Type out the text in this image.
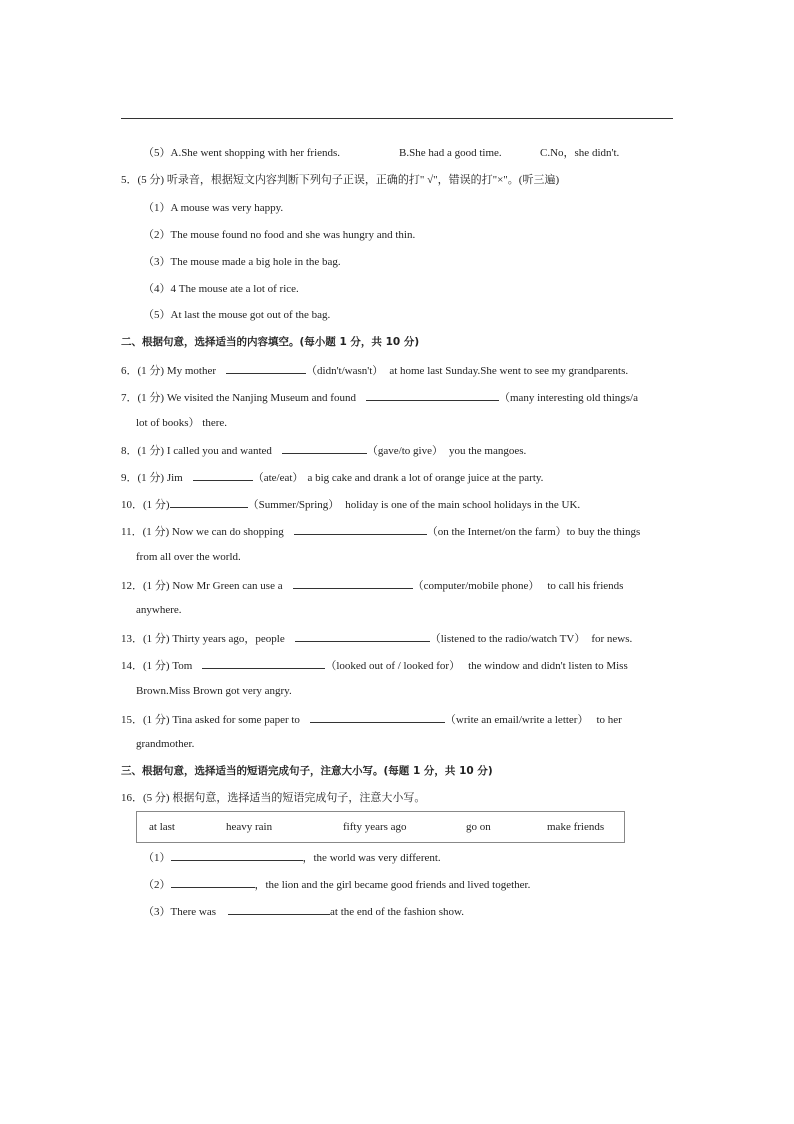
（5）A.She went shopping with her friends.	B.She had a good time.	C.No，she didn't.
5．(5 分) 听录音，根据短文内容判断下列句子正误，正确的打" √"，错误的打"×"。(听三遍)
（1）A mouse was very happy.
（2）The mouse found no food and she was hungry and thin.
（3）The mouse made a big hole in the bag.
（4）4 The mouse ate a lot of rice.
（5）At last the mouse got out of the bag.
二、根据句意，选择适当的内容填空。(每小题 1 分，共 10 分)
6．(1 分) My mother	（didn't/wasn't） at home last Sunday.She went to see my grandparents.
7．(1 分) We visited the Nanjing Museum and found	（many interesting old things/a
lot of books） there.
8．(1 分) I called you and wanted	（gave/to give） you the mangoes.
9．(1 分) Jim	（ate/eat） a big cake and drank a lot of orange juice at the party.
10．(1 分)	（Summer/Spring） holiday is one of the main school holidays in the UK.
11．(1 分) Now we can do shopping	（on the Internet/on the farm）to buy the things
from all over the world.
12．(1 分) Now Mr Green can use a	（computer/mobile phone） to call his friends
anywhere.
13．(1 分) Thirty years ago，people	（listened to the radio/watch TV） for news.
14．(1 分) Tom	（looked out of / looked for） the window and didn't listen to Miss
Brown.Miss Brown got very angry.
15．(1 分) Tina asked for some paper to	（write an email/write a letter） to her
grandmother.
三、根据句意，选择适当的短语完成句子，注意大小写。(每题 1 分，共 10 分)
16．(5 分) 根据句意，选择适当的短语完成句子，注意大小写。
at last	heavy rain	fifty years ago	go on	make friends
（1）	，the world was very different.
（2）	，the lion and the girl became good friends and lived together.
（3）There was	at the end of the fashion show.
